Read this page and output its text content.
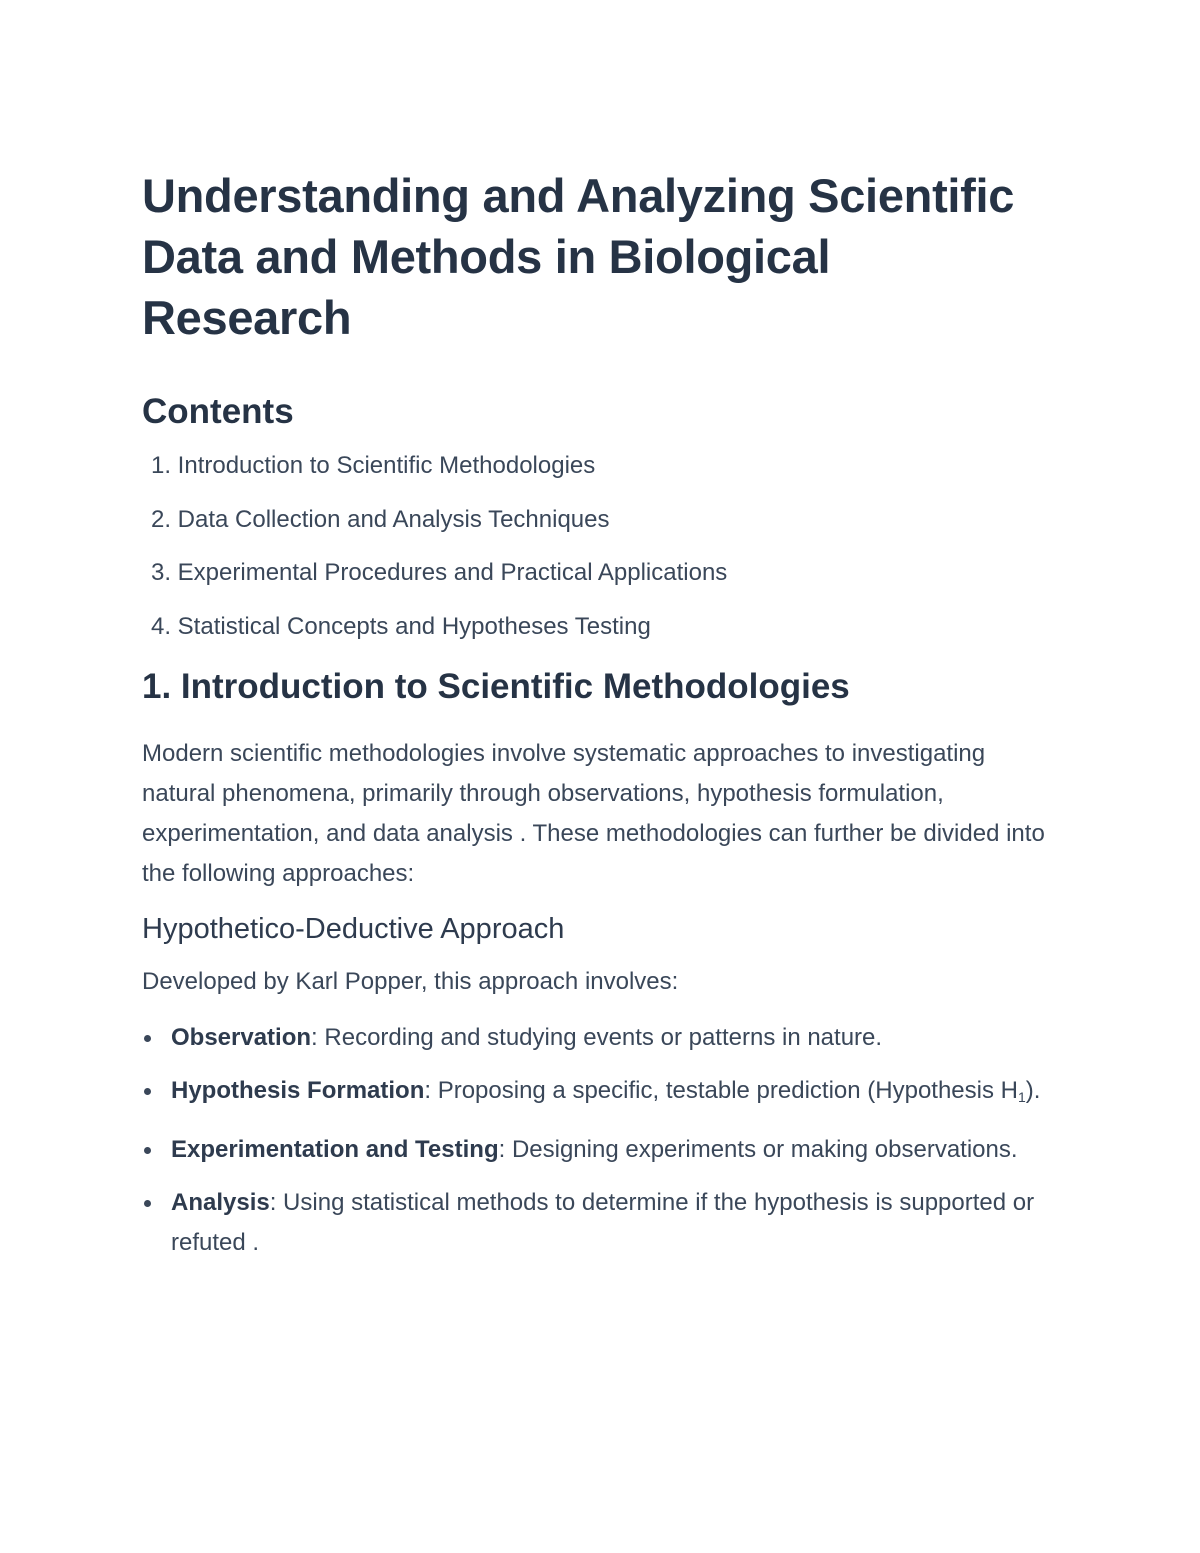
Understanding and Analyzing Scientific Data and Methods in Biological Research
Contents
1.
Introduction to Scientific Methodologies
2.
Data Collection and Analysis Techniques
3.
Experimental Procedures and Practical Applications
4.
Statistical Concepts and Hypotheses Testing
1. Introduction to Scientific Methodologies

Modern scientific methodologies involve systematic approaches to investigating natural phenomena, primarily through observations, hypothesis formulation, experimentation, and data analysis . These methodologies can further be divided into the following approaches:

Hypothetico-Deductive Approach

Developed by Karl Popper, this approach involves:

Observation: Recording and studying events or patterns in nature.
Hypothesis Formation: Proposing a specific, testable prediction (Hypothesis $H_1$).
Experimentation and Testing: Designing experiments or making observations.
Analysis: Using statistical methods to determine if the hypothesis is supported or refuted .
